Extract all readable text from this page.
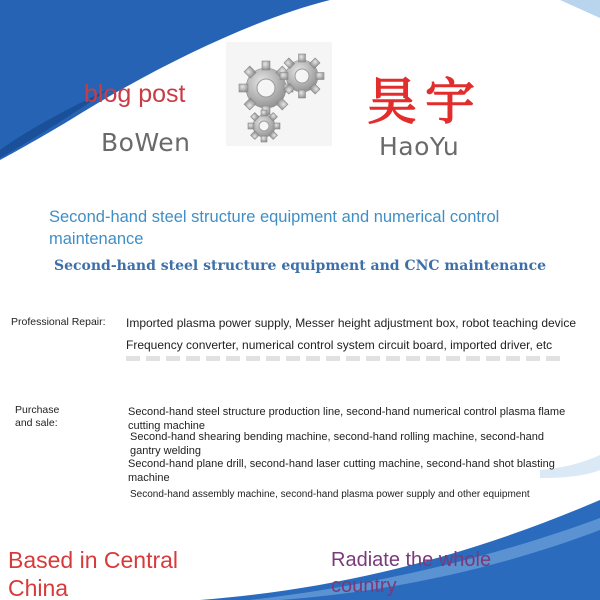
blog post
BoWen
昊宇
HaoYu
Second-hand steel structure equipment and numerical control maintenance
Second-hand steel structure equipment and CNC maintenance
Professional Repair: Imported plasma power supply, Messer height adjustment box, robot teaching device
Frequency converter, numerical control system circuit board, imported driver, etc
Purchase and sale:
Second-hand steel structure production line, second-hand numerical control plasma flame cutting machine
Second-hand shearing bending machine, second-hand rolling machine, second-hand gantry welding
Second-hand plane drill, second-hand laser cutting machine, second-hand shot blasting machine
Second-hand assembly machine, second-hand plasma power supply and other equipment
Based in Central China
Radiate the whole country
